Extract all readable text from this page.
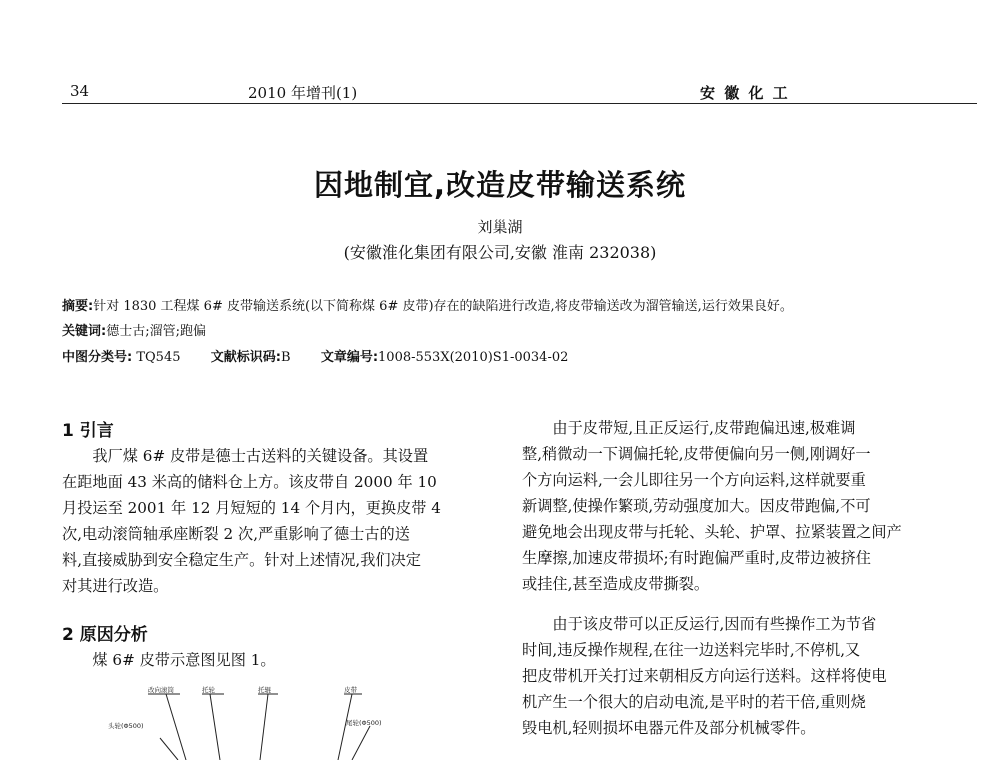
34	2010 年增刊(1)	安 徽 化 工
因地制宜,改造皮带输送系统
刘巢湖
(安徽淮化集团有限公司,安徽 淮南 232038)
摘要:针对 1830 工程煤 6# 皮带输送系统(以下简称煤 6# 皮带)存在的缺陷进行改造,将皮带输送改为溜管输送,运行效果良好。
关键词:德士古;溜管;跑偏
中图分类号: TQ545 文献标识码:B 文章编号:1008-553X(2010)S1-0034-02
1 引言
我厂煤 6# 皮带是德士古送料的关键设备。其设置
在距地面 43 米高的储料仓上方。该皮带自 2000 年 10
月投运至 2001 年 12 月短短的 14 个月内，更换皮带 4
次,电动滚筒轴承座断裂 2 次,严重影响了德士古的送
料,直接威胁到安全稳定生产。针对上述情况,我们决定
对其进行改造。
2 原因分析
煤 6# 皮带示意图见图 1。
改向滚筒	托轮	托辊	皮带
头轮(Φ500)	尾轮(Φ500)
由于皮带短,且正反运行,皮带跑偏迅速,极难调
整,稍微动一下调偏托轮,皮带便偏向另一侧,刚调好一
个方向运料,一会儿即往另一个方向运料,这样就要重
新调整,使操作繁琐,劳动强度加大。因皮带跑偏,不可
避免地会出现皮带与托轮、头轮、护罩、拉紧装置之间产
生摩擦,加速皮带损坏;有时跑偏严重时,皮带边被挤住
或挂住,甚至造成皮带撕裂。
由于该皮带可以正反运行,因而有些操作工为节省
时间,违反操作规程,在往一边送料完毕时,不停机,又
把皮带机开关打过来朝相反方向运行送料。这样将使电
机产生一个很大的启动电流,是平时的若干倍,重则烧
毁电机,轻则损坏电器元件及部分机械零件。
